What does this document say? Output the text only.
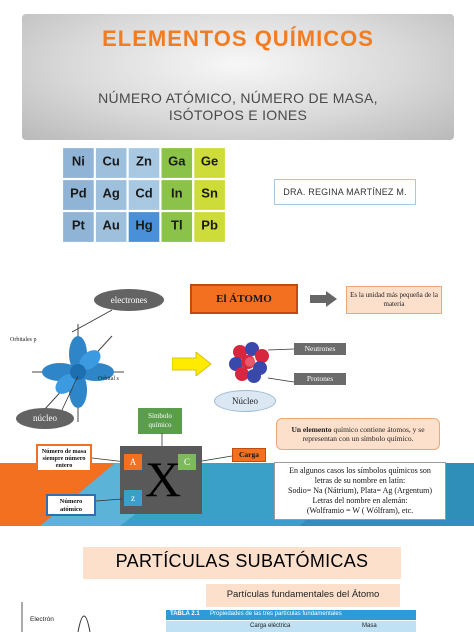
ELEMENTOS QUÍMICOS
NÚMERO ATÓMICO, NÚMERO DE MASA,
ISÓTOPOS E IONES
Ni Cu Zn Ga Ge
Pd Ag Cd In Sn
Pt Au Hg Tl Pb
DRA. REGINA MARTÍNEZ M.
Orbitales p
Orbital s
electrones
núcleo
El ÁTOMO	Es la unidad más pequeña de la materia
Neutrones
Protones
Núcleo
Símbolo químico
Número de masa siempre número entero
Carga
A	C
z X
Número atómico
Un elemento químico contiene átomos, y se representan con un símbolo químico.
En algunos casos los símbolos químicos son
letras de su nombre en latín:
Sodio= Na (Nátrium), Plata= Ag (Argentum)
Letras del nombre en alemán:
(Wolframio = W ( Wólfram), etc.
PARTÍCULAS SUBATÓMICAS
Partículas fundamentales del Átomo
Electrón
TABLA 2.1 Propiedades de las tres partículas fundamentales
Carga eléctrica	Masa
